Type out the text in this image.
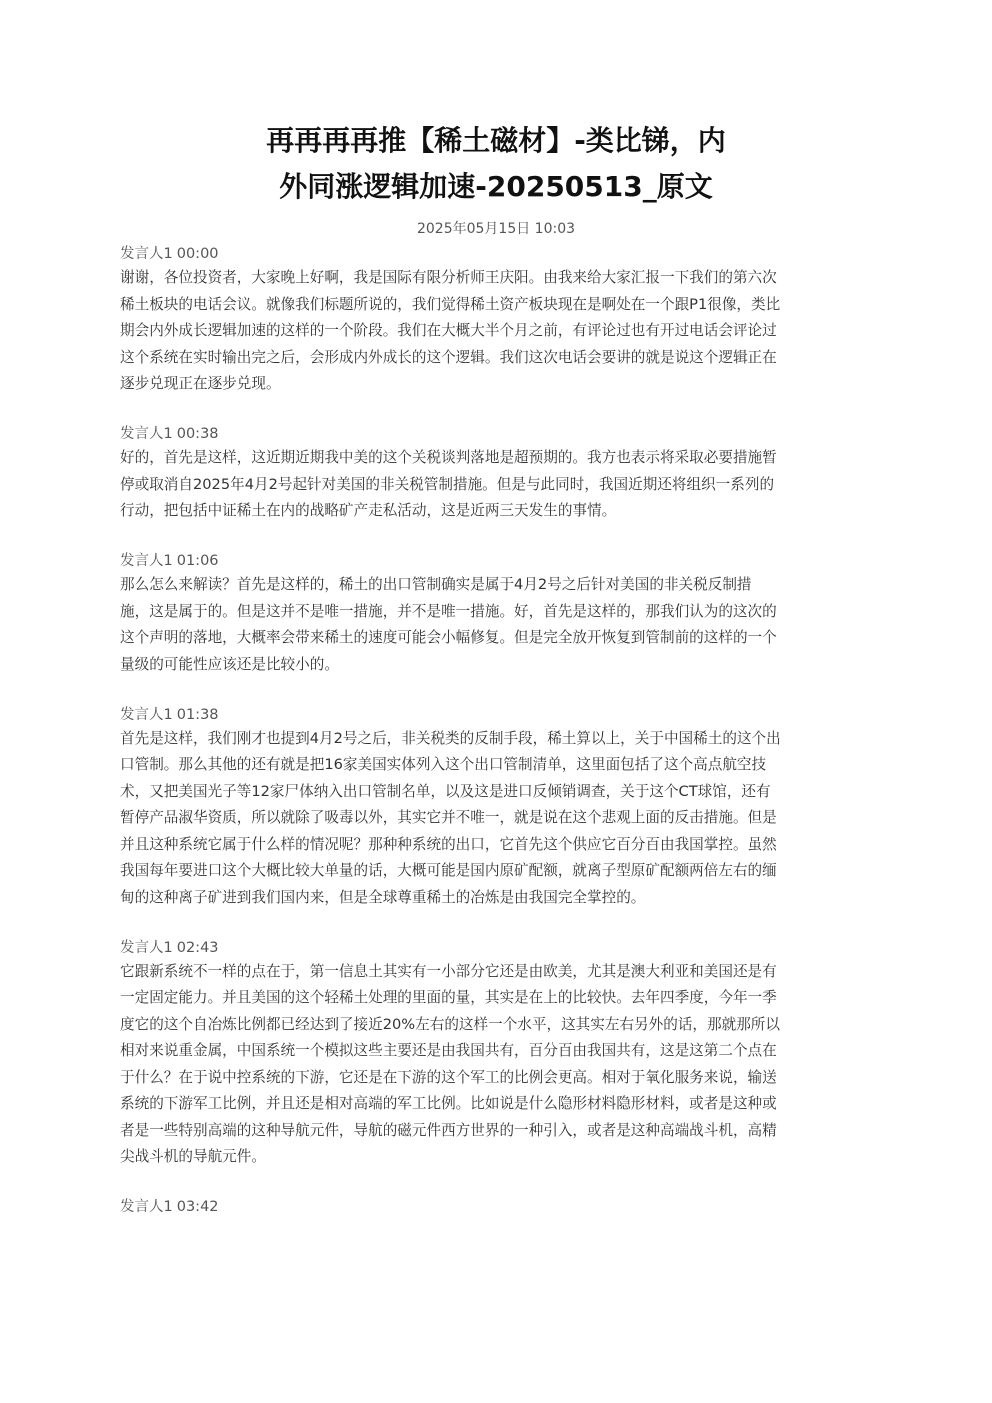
再再再再推【稀土磁材】-类比锑，内
外同涨逻辑加速-20250513_原文
2025年05月15日 10:03
发言人1 00:00
谢谢，各位投资者，大家晚上好啊，我是国际有限分析师王庆阳。由我来给大家汇报一下我们的第六次
稀土板块的电话会议。就像我们标题所说的，我们觉得稀土资产板块现在是啊处在一个跟P1很像，类比
期会内外成长逻辑加速的这样的一个阶段。我们在大概大半个月之前，有评论过也有开过电话会评论过
这个系统在实时输出完之后，会形成内外成长的这个逻辑。我们这次电话会要讲的就是说这个逻辑正在
逐步兑现正在逐步兑现。
发言人1 00:38
好的，首先是这样，这近期近期我中美的这个关税谈判落地是超预期的。我方也表示将采取必要措施暂
停或取消自2025年4月2号起针对美国的非关税管制措施。但是与此同时，我国近期还将组织一系列的
行动，把包括中证稀土在内的战略矿产走私活动，这是近两三天发生的事情。
发言人1 01:06
那么怎么来解读？首先是这样的，稀土的出口管制确实是属于4月2号之后针对美国的非关税反制措
施，这是属于的。但是这并不是唯一措施，并不是唯一措施。好，首先是这样的，那我们认为的这次的
这个声明的落地，大概率会带来稀土的速度可能会小幅修复。但是完全放开恢复到管制前的这样的一个
量级的可能性应该还是比较小的。
发言人1 01:38
首先是这样，我们刚才也提到4月2号之后，非关税类的反制手段，稀土算以上，关于中国稀土的这个出
口管制。那么其他的还有就是把16家美国实体列入这个出口管制清单，这里面包括了这个高点航空技
术，又把美国光子等12家尸体纳入出口管制名单，以及这是进口反倾销调查，关于这个CT球馆，还有
暂停产品淑华资质，所以就除了吸毒以外，其实它并不唯一，就是说在这个悲观上面的反击措施。但是
并且这种系统它属于什么样的情况呢？那种种系统的出口，它首先这个供应它百分百由我国掌控。虽然
我国每年要进口这个大概比较大单量的话，大概可能是国内原矿配额，就离子型原矿配额两倍左右的缅
甸的这种离子矿进到我们国内来，但是全球尊重稀土的冶炼是由我国完全掌控的。
发言人1 02:43
它跟新系统不一样的点在于，第一信息土其实有一小部分它还是由欧美，尤其是澳大利亚和美国还是有
一定固定能力。并且美国的这个轻稀土处理的里面的量，其实是在上的比较快。去年四季度，今年一季
度它的这个自冶炼比例都已经达到了接近20%左右的这样一个水平，这其实左右另外的话，那就那所以
相对来说重金属，中国系统一个模拟这些主要还是由我国共有，百分百由我国共有，这是这第二个点在
于什么？在于说中控系统的下游，它还是在下游的这个军工的比例会更高。相对于氧化服务来说，输送
系统的下游军工比例，并且还是相对高端的军工比例。比如说是什么隐形材料隐形材料，或者是这种或
者是一些特别高端的这种导航元件，导航的磁元件西方世界的一种引入，或者是这种高端战斗机，高精
尖战斗机的导航元件。
发言人1 03:42
